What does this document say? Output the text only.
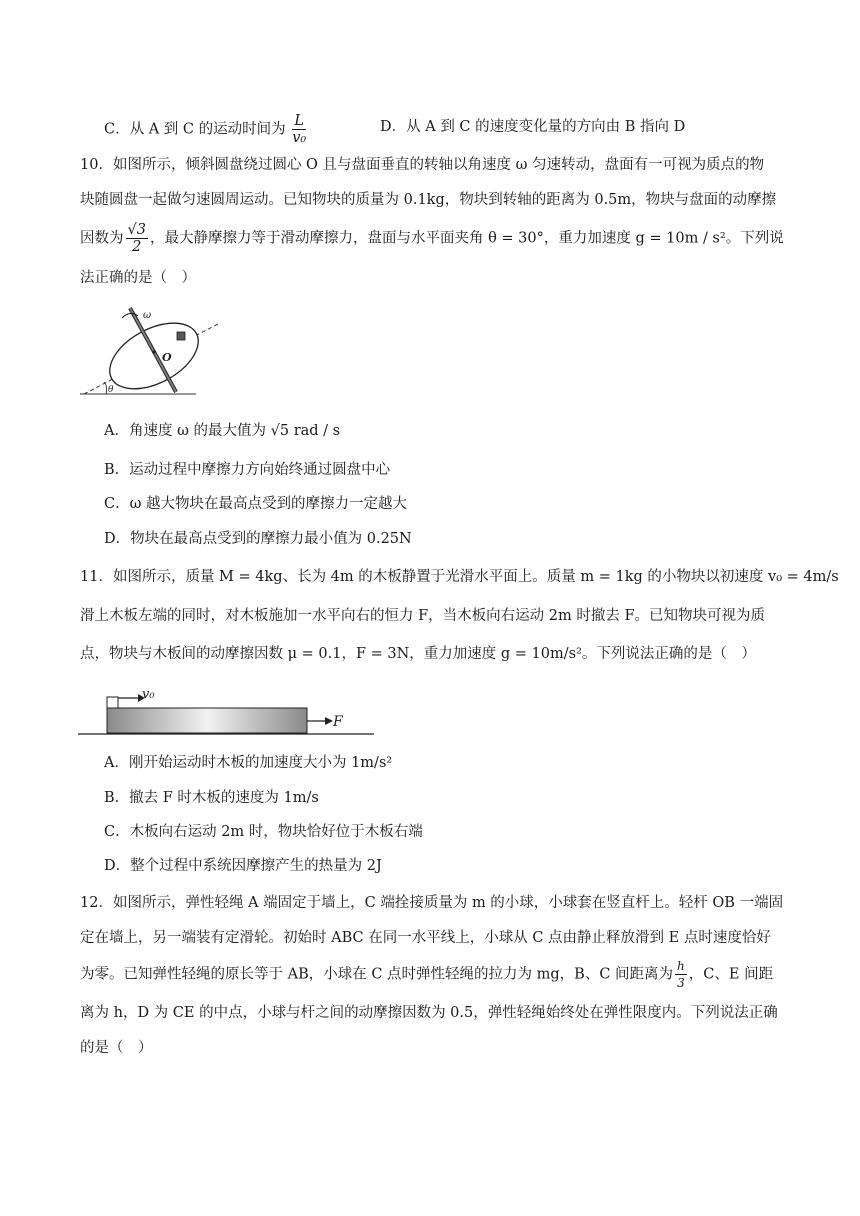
C．从 A 到 C 的运动时间为 $\frac{L}{\text{v₀}}$	D．从 A 到 C 的速度变化量的方向由 B 指向 D
10．如图所示，倾斜圆盘绕过圆心 O 且与盘面垂直的转轴以角速度 ω 匀速转动，盘面有一可视为质点的物
块随圆盘一起做匀速圆周运动。已知物块的质量为 0.1kg，物块到转轴的距离为 0.5m，物块与盘面的动摩擦
因数为 $\frac{√3}{2}$ ，最大静摩擦力等于滑动摩擦力，盘面与水平面夹角 θ = 30°，重力加速度 g = 10m / s²。下列说
法正确的是（　）
ω
O
θ
A．角速度 ω 的最大值为 √5 rad / s
B．运动过程中摩擦力方向始终通过圆盘中心
C．ω 越大物块在最高点受到的摩擦力一定越大
D．物块在最高点受到的摩擦力最小值为 0.25N
11．如图所示，质量 M = 4kg、长为 4m 的木板静置于光滑水平面上。质量 m = 1kg 的小物块以初速度 v₀ = 4m/s
滑上木板左端的同时，对木板施加一水平向右的恒力 F，当木板向右运动 2m 时撤去 F。已知物块可视为质
点，物块与木板间的动摩擦因数 μ = 0.1，F = 3N，重力加速度 g = 10m/s²。下列说法正确的是（　）
v₀
F
A．刚开始运动时木板的加速度大小为 1m/s²
B．撤去 F 时木板的速度为 1m/s
C．木板向右运动 2m 时，物块恰好位于木板右端
D．整个过程中系统因摩擦产生的热量为 2J
12．如图所示，弹性轻绳 A 端固定于墙上，C 端拴接质量为 m 的小球，小球套在竖直杆上。轻杆 OB 一端固
定在墙上，另一端装有定滑轮。初始时 ABC 在同一水平线上，小球从 C 点由静止释放滑到 E 点时速度恰好
为零。已知弹性轻绳的原长等于 AB，小球在 C 点时弹性轻绳的拉力为 mg，B、C 间距离为 $\frac{h}{3}$ ，C、E 间距
离为 h，D 为 CE 的中点，小球与杆之间的动摩擦因数为 0.5，弹性轻绳始终处在弹性限度内。下列说法正确
的是（　）
